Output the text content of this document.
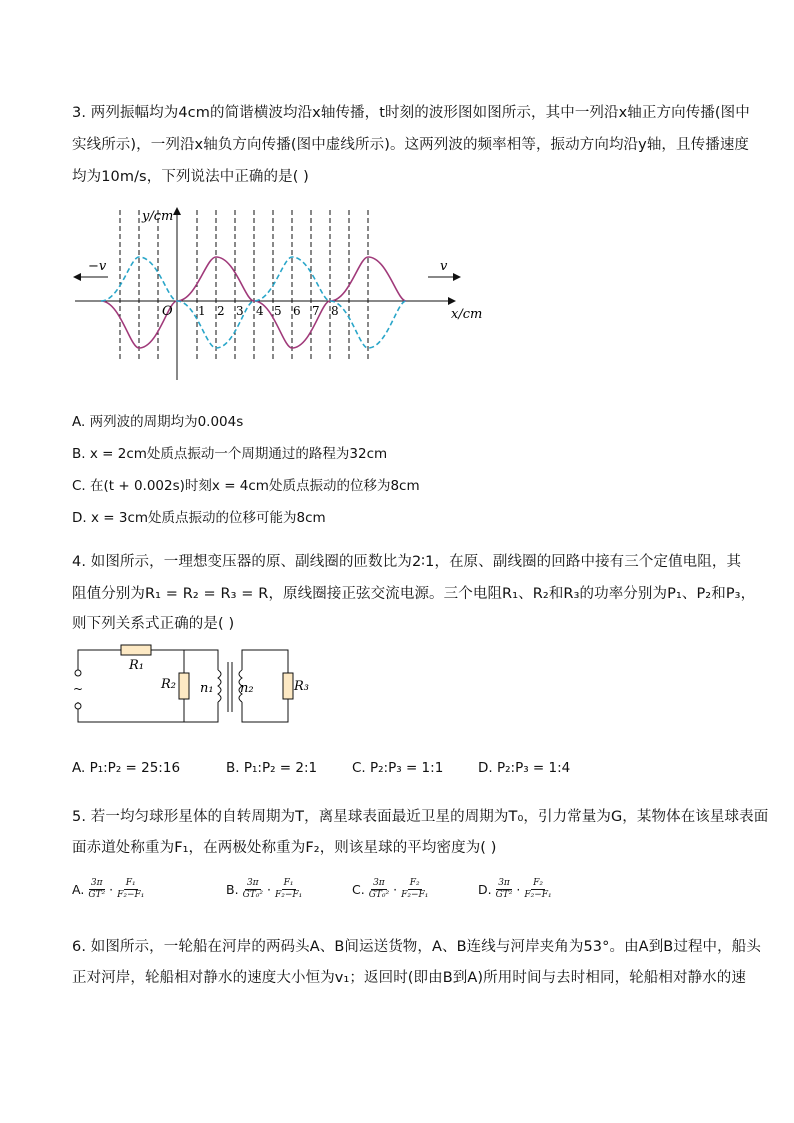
3. 两列振幅均为4cm的简谐横波均沿x轴传播，t时刻的波形图如图所示，其中一列沿x轴正方向传播(图中
实线所示)，一列沿x轴负方向传播(图中虚线所示)。这两列波的频率相等，振动方向均沿y轴，且传播速度
均为10m/s，下列说法中正确的是( )
y/cm
x/cm
O 1 2 3 4 5 6 7 8
−v	v
A. 两列波的周期均为0.004s
B. x = 2cm处质点振动一个周期通过的路程为32cm
C. 在(t + 0.002s)时刻x = 4cm处质点振动的位移为8cm
D. x = 3cm处质点振动的位移可能为8cm
4. 如图所示，一理想变压器的原、副线圈的匝数比为2∶1，在原、副线圈的回路中接有三个定值电阻，其
阻值分别为R₁ = R₂ = R₃ = R，原线圈接正弦交流电源。三个电阻R₁、R₂和R₃的功率分别为P₁、P₂和P₃，
则下列关系式正确的是( )
~
R₁
R₂ n₁ n₂	R₃
A. P₁:P₂ = 25:16	B. P₁:P₂ = 2:1	C. P₂:P₃ = 1:1	D. P₂:P₃ = 1:4
5. 若一均匀球形星体的自转周期为T，离星球表面最近卫星的周期为T₀，引力常量为G，某物体在该星球表面
面赤道处称重为F₁，在两极处称重为F₂，则该星球的平均密度为( )
A. $\frac{3\pi}{\text{GT²}} \cdot \frac{\text{F₁}}{\text{F₂−F₁}}$	B. $\frac{3\pi}{\text{GT₀²}} \cdot \frac{\text{F₁}}{\text{F₂−F₁}}$	C. $\frac{3\pi}{\text{GT₀²}} \cdot \frac{\text{F₂}}{\text{F₂−F₁}}$	D. $\frac{3\pi}{\text{GT²}} \cdot \frac{\text{F₂}}{\text{F₂−F₁}}$
6. 如图所示，一轮船在河岸的两码头A、B间运送货物，A、B连线与河岸夹角为53°。由A到B过程中，船头
正对河岸，轮船相对静水的速度大小恒为v₁；返回时(即由B到A)所用时间与去时相同，轮船相对静水的速
